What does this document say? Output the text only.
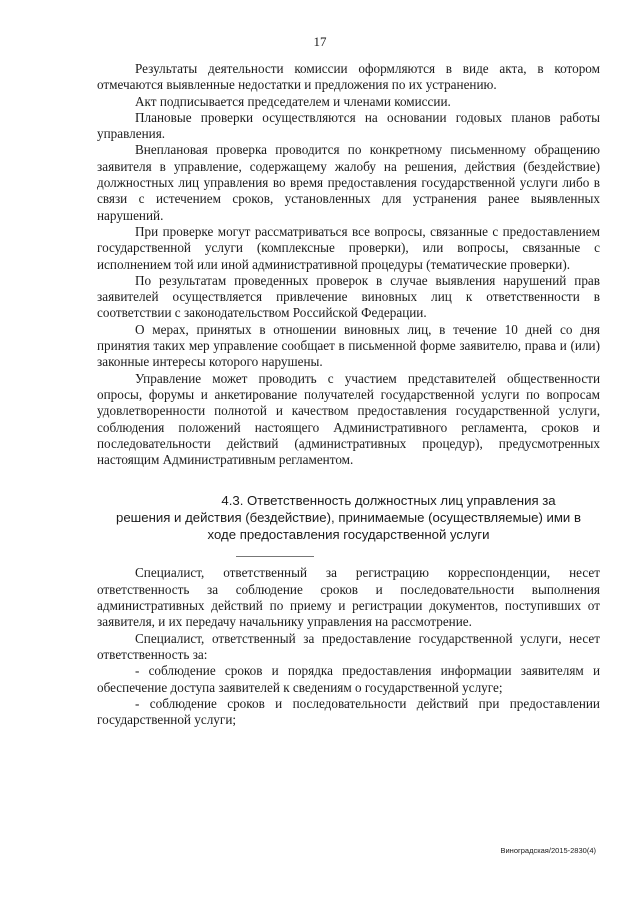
17

Результаты деятельности комиссии оформляются в виде акта, в котором отмечаются выявленные недостатки и предложения по их устранению.

Акт подписывается председателем и членами комиссии.

Плановые проверки осуществляются на основании годовых планов работы управления.

Внеплановая проверка проводится по конкретному письменному обращению заявителя в управление, содержащему жалобу на решения, действия (бездействие) должностных лиц управления во время предоставления государственной услуги либо в связи с истечением сроков, установленных для устранения ранее выявленных нарушений.

При проверке могут рассматриваться все вопросы, связанные с предоставлением государственной услуги (комплексные проверки), или вопросы, связанные с исполнением той или иной административной процедуры (тематические проверки).

По результатам проведенных проверок в случае выявления нарушений прав заявителей осуществляется привлечение виновных лиц к ответственности в соответствии с законодательством Российской Федерации.

О мерах, принятых в отношении виновных лиц, в течение 10 дней со дня принятия таких мер управление сообщает в письменной форме заявителю, права и (или) законные интересы которого нарушены.

Управление может проводить с участием представителей общественности опросы, форумы и анкетирование получателей государственной услуги по вопросам удовлетворенности полнотой и качеством предоставления государственной услуги, соблюдения положений настоящего Административного регламента, сроков и последовательности действий (административных процедур), предусмотренных настоящим Административным регламентом.

4.3. Ответственность должностных лиц управления за
решения и действия (бездействие), принимаемые (осуществляемые) ими в
ходе предоставления государственной услуги

Специалист, ответственный за регистрацию корреспонденции, несет ответственность за соблюдение сроков и последовательности выполнения административных действий по приему и регистрации документов, поступивших от заявителя, и их передачу начальнику управления на рассмотрение.

Специалист, ответственный за предоставление государственной услуги, несет ответственность за:

- соблюдение сроков и порядка предоставления информации заявителям и обеспечение доступа заявителей к сведениям о государственной услуге;

- соблюдение сроков и последовательности действий при предоставлении государственной услуги;

Виноградская/2015-2830(4)
